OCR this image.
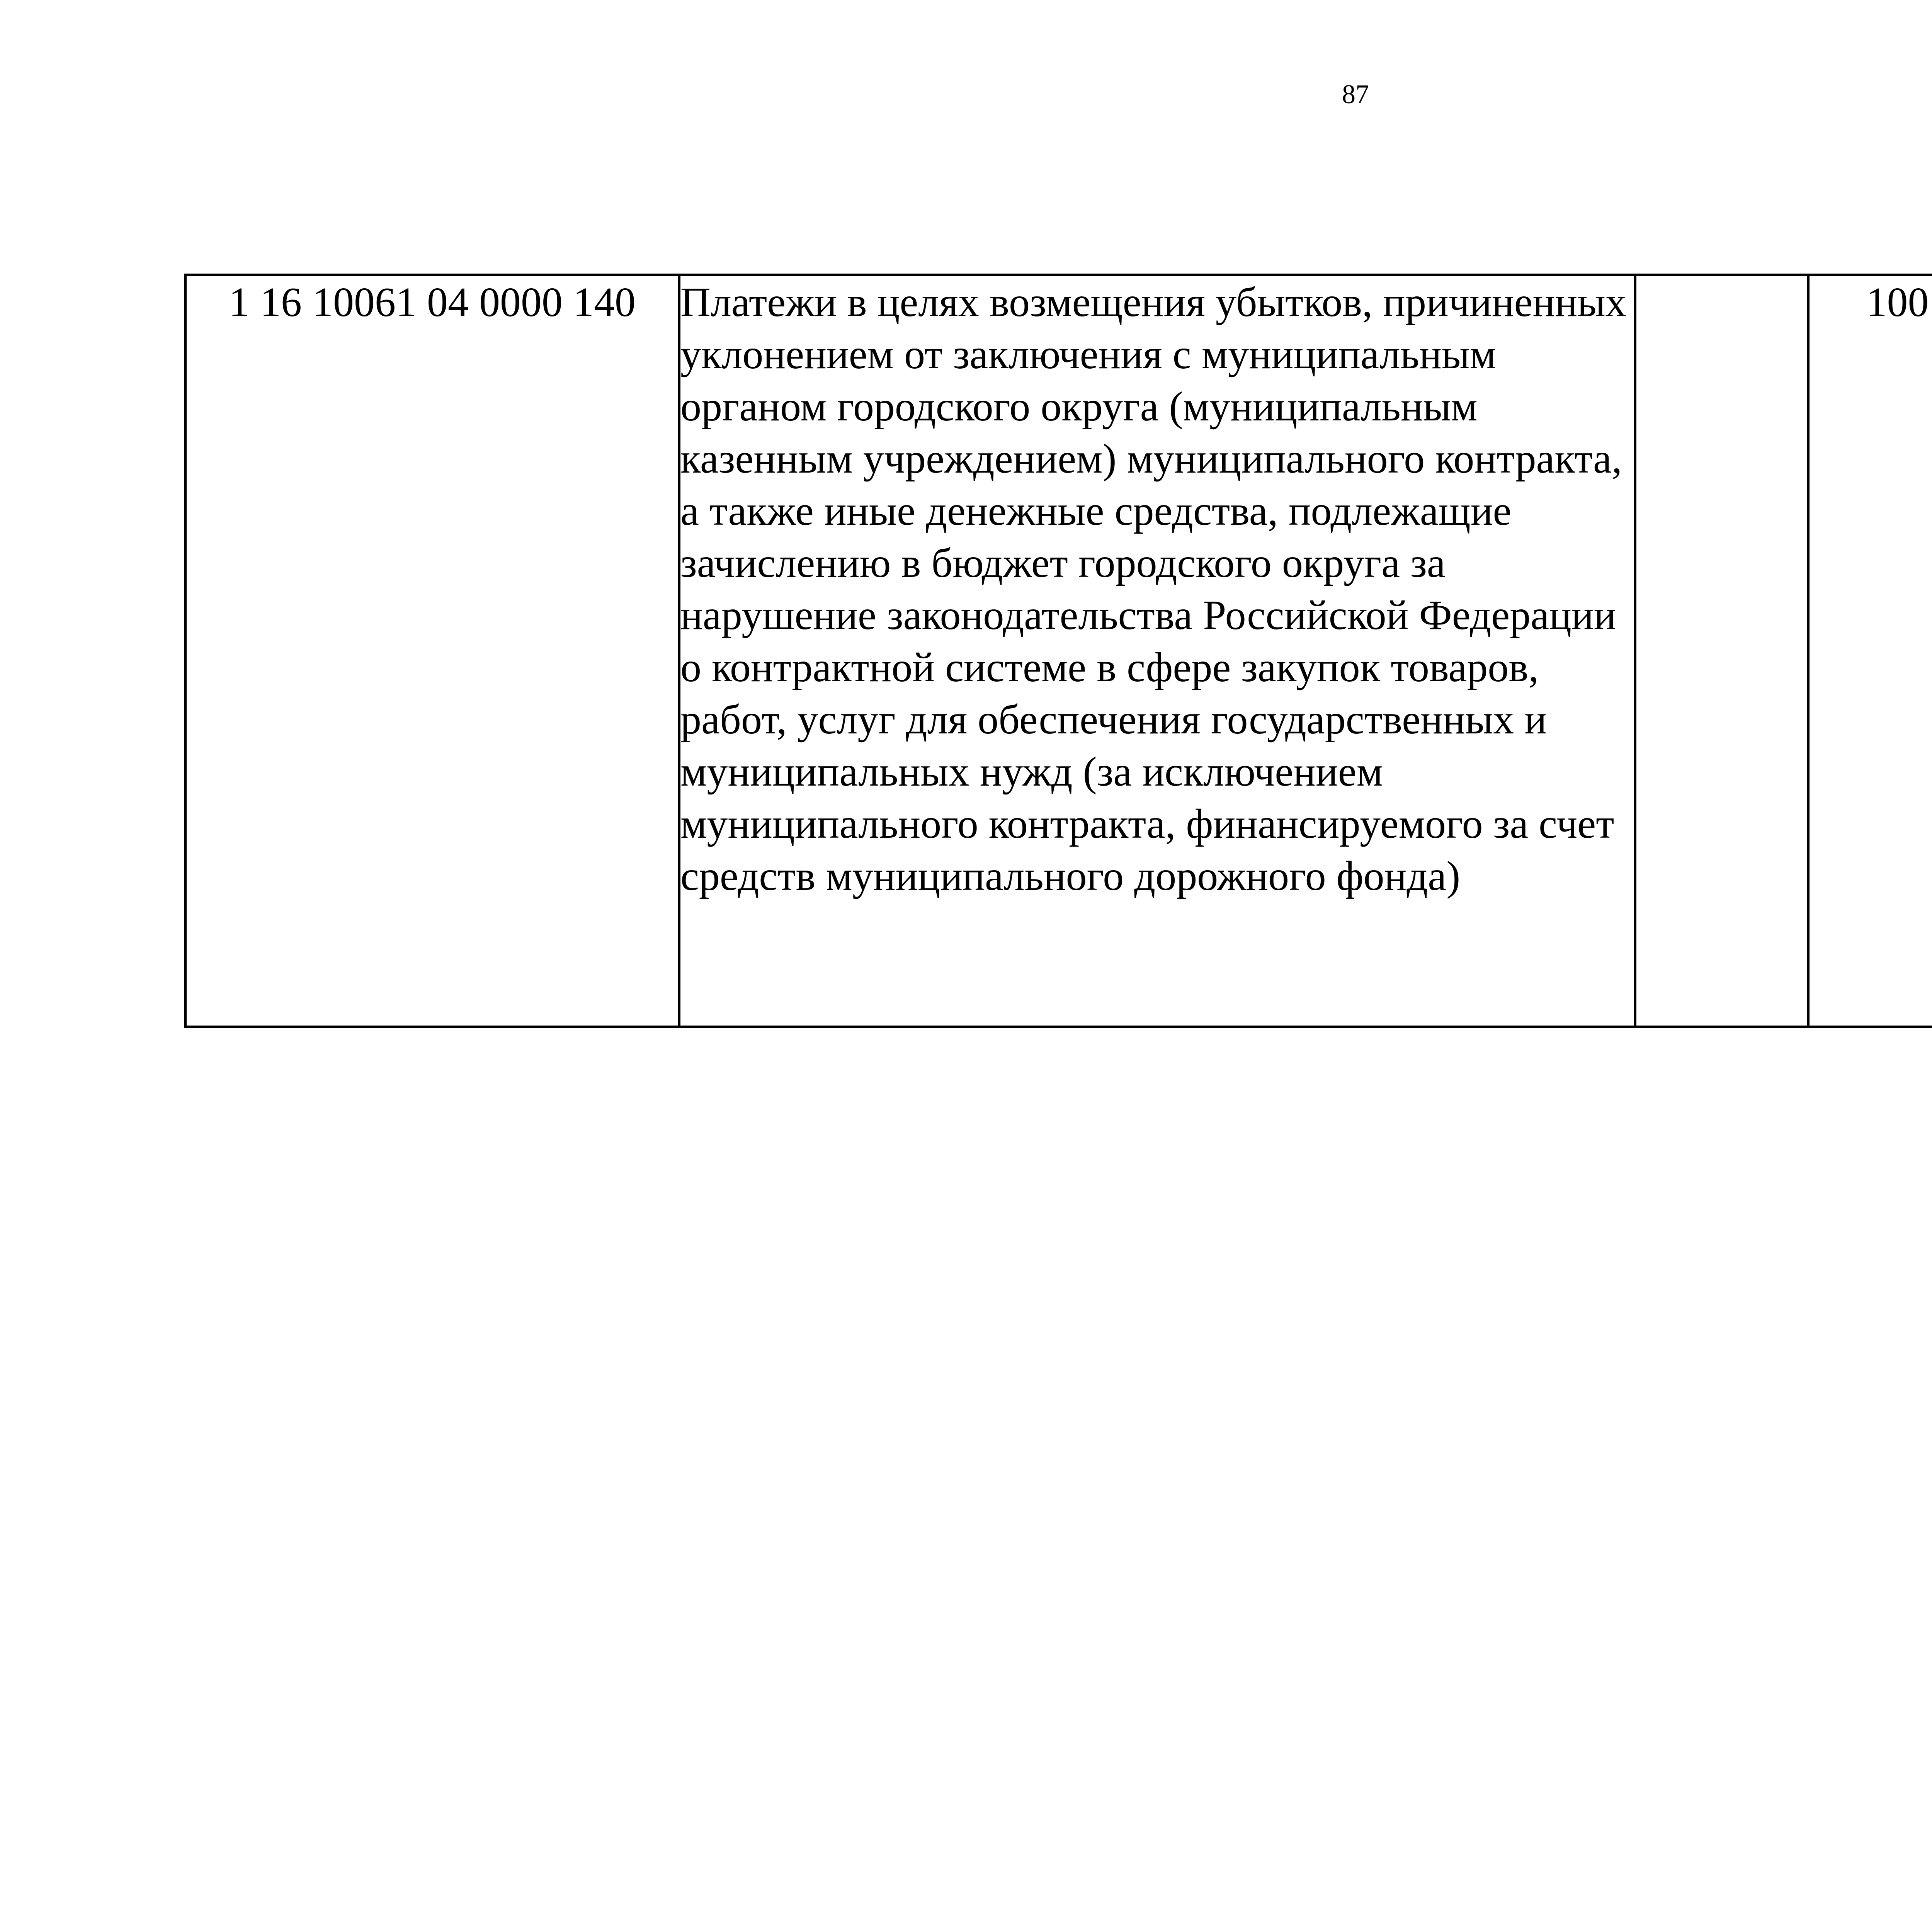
87
1 16 10061 04 0000 140	Платежи в целях возмещения убытков, причиненных уклонением от заключения с муниципальным органом городского округа (муниципальным казенным учреждением) муниципального контракта, а также иные денежные средства, подлежащие зачислению в бюджет городского округа за нарушение законодательства Российской Федерации о контрактной системе в сфере закупок товаров, работ, услуг для обеспечения государственных и муниципальных нужд (за исключением муниципального контракта, финансируемого за счет средств муниципального дорожного фонда)		100			
